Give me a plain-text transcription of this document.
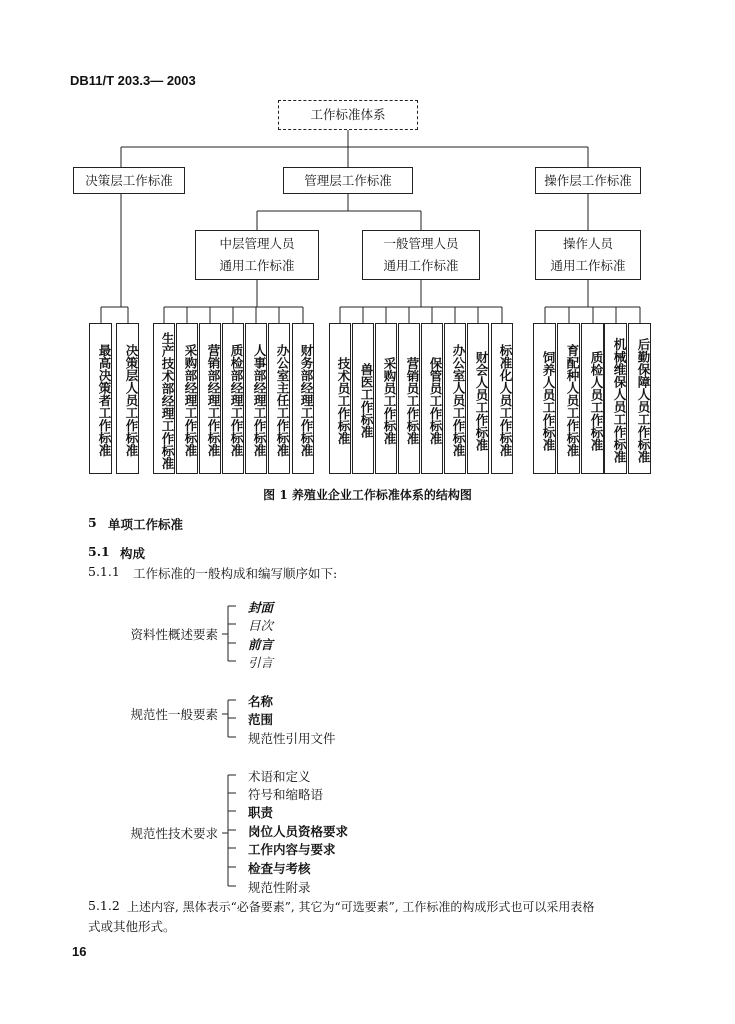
DB11/T 203.3— 2003
工作标准体系
决策层工作标准	管理层工作标准	操作层工作标准
中层管理人员
通用工作标准
一般管理人员
通用工作标准
操作人员
通用工作标准
最高决策者工作标准 决策层人员工作标准	生产技术部经理工作标准 采购部经理工作标准 营销部经理工作标准 质检部经理工作标准 人事部经理工作标准 办公室主任工作标准 财务部经理工作标准	技术员工作标准 兽医工作标准 采购员工作标准 营销员工作标准 保管员工作标准 办公室人员工作标准 财会人员工作标准 标准化人员工作标准	饲养人员工作标准 育配种人员工作标准 质检人员工作标准 机械维保人员工作标准 后勤保障人员工作标准
图 1 养殖业企业工作标准体系的结构图
5 单项工作标准
5.1 构成
5.1.1 工作标准的一般构成和编写顺序如下:
资料性概述要素
封面
目次
前言
引言
规范性一般要素
名称
范围
规范性引用文件
规范性技术要求
术语和定义
符号和缩略语
职责
岗位人员资格要求
工作内容与要求
检查与考核
规范性附录
5.1.2 上述内容, 黑体表示“必备要素”, 其它为“可选要素”, 工作标准的构成形式也可以采用表格
式或其他形式。
16
